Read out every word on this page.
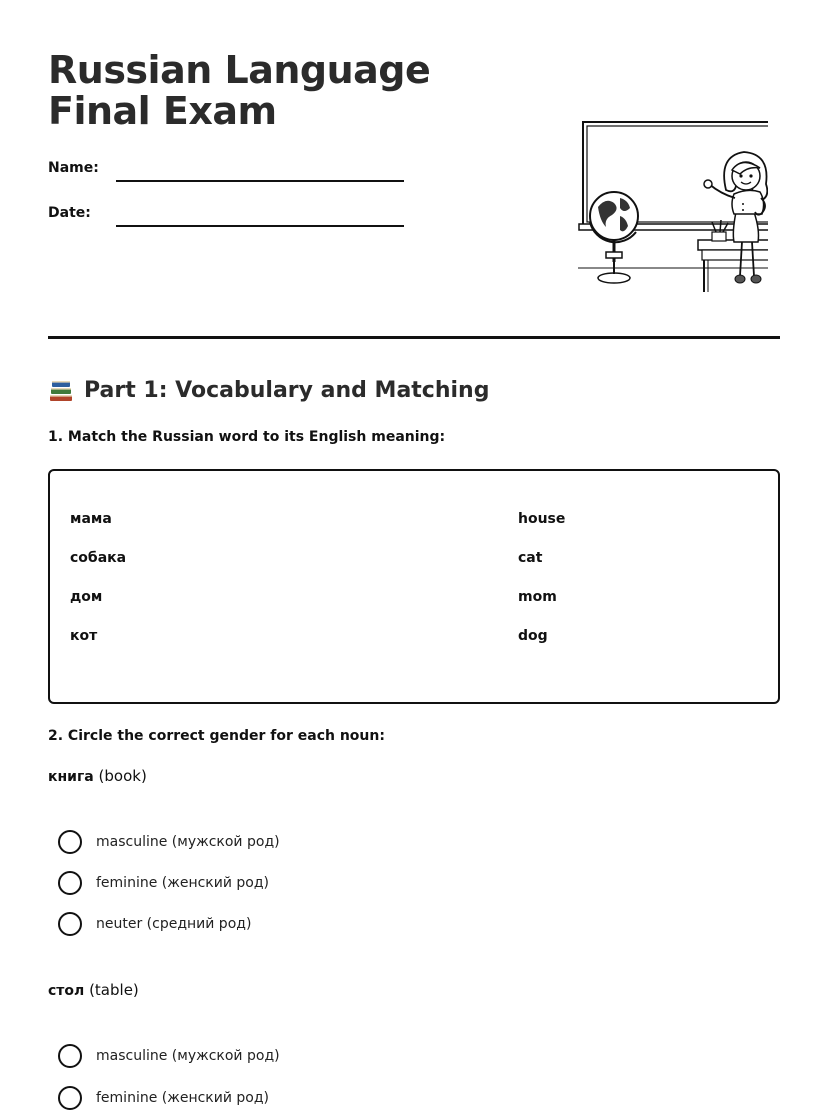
Russian Language Final Exam
Name:
Date:
Part 1: Vocabulary and Matching
1. Match the Russian word to its English meaning:
мама
собака
дом
кот
house
cat
mom
dog
2. Circle the correct gender for each noun:
книга (book)
masculine (мужской род)
feminine (женский род)
neuter (средний род)
стол (table)
masculine (мужской род)
feminine (женский род)
